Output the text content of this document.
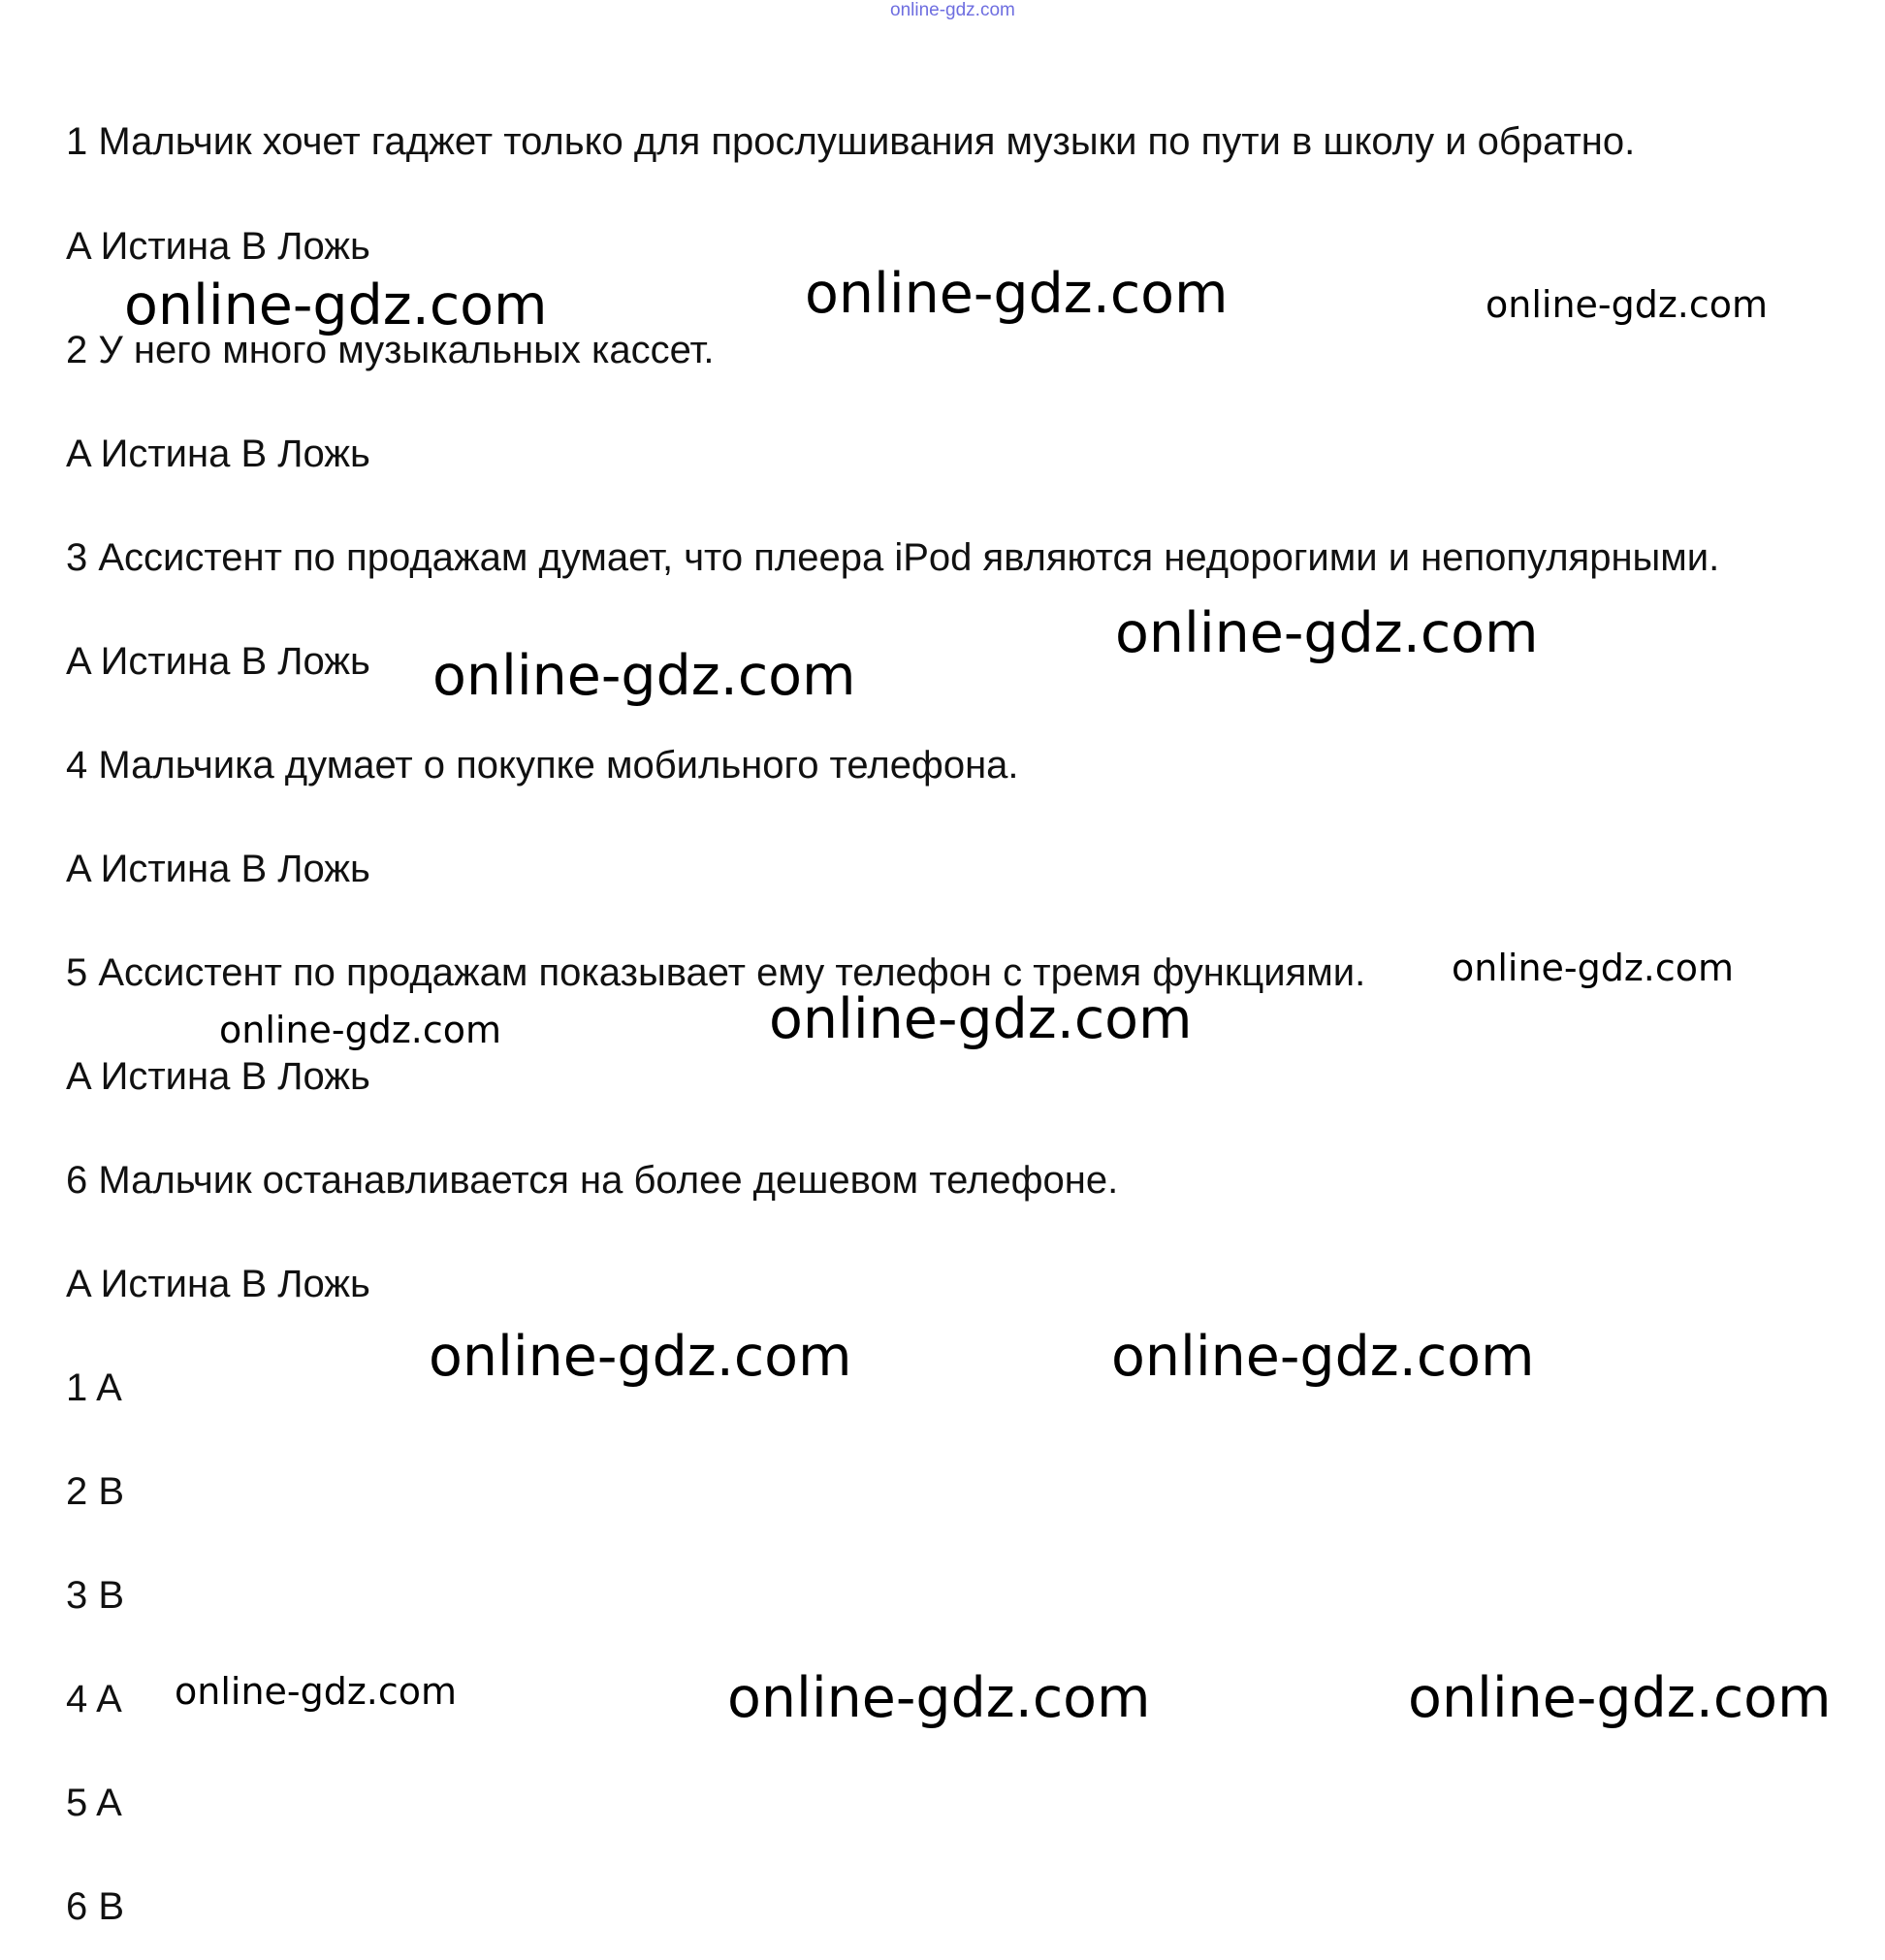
online-gdz.com
1 Мальчик хочет гаджет только для прослушивания музыки по пути в школу и обратно.
A Истина B Ложь
2 У него много музыкальных кассет.
A Истина B Ложь
3 Ассистент по продажам думает, что плеера iPod являются недорогими и непопулярными.
A Истина B Ложь
4 Мальчика думает о покупке мобильного телефона.
A Истина B Ложь
5 Ассистент по продажам показывает ему телефон с тремя функциями.
A Истина B Ложь
6 Мальчик останавливается на более дешевом телефоне.
A Истина B Ложь
1 A
2 B
3 B
4 A
5 A
6 B
online-gdz.com	online-gdz.com	online-gdz.com
online-gdz.com
online-gdz.com
online-gdz.com
online-gdz.com
online-gdz.com
online-gdz.com	online-gdz.com
online-gdz.com	online-gdz.com	online-gdz.com
